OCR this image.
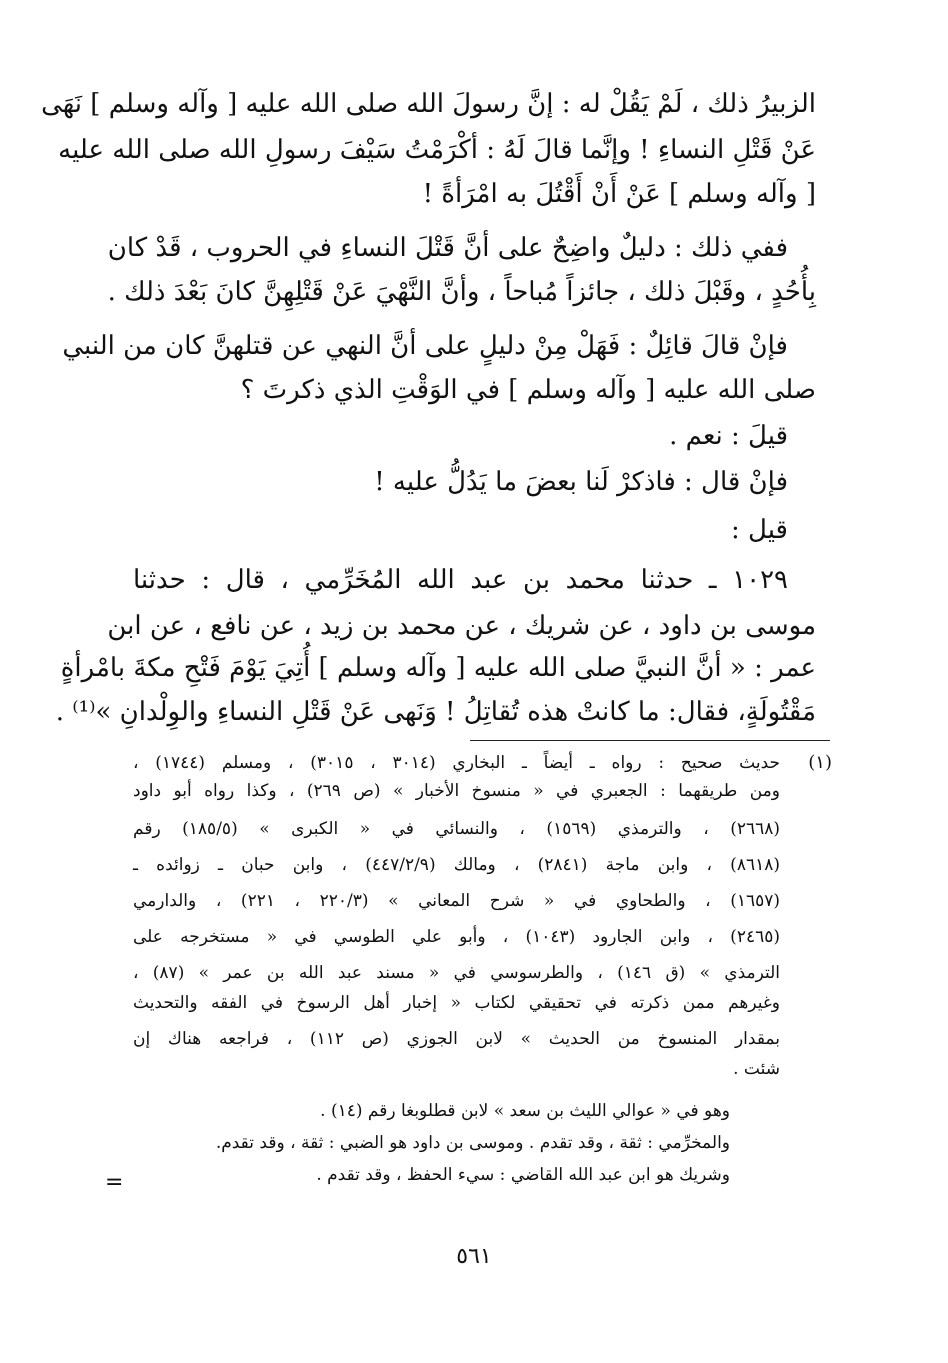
الزبيرُ ذلك ، لَمْ يَقُلْ له : إنَّ رسولَ الله صلى الله عليه [ وآله وسلم ] نَهَى
عَنْ قَتْلِ النساءِ ! وإنَّما قالَ لَهُ : أكْرَمْتُ سَيْفَ رسولِ الله صلى الله عليه
[ وآله وسلم ] عَنْ أَنْ أَقْتُلَ به امْرَأةً !
ففي ذلك : دليلٌ واضِحٌ على أنَّ قَتْلَ النساءِ في الحروب ، قَدْ كان
بِأُحُدٍ ، وقَبْلَ ذلك ، جائزاً مُباحاً ، وأنَّ النَّهْيَ عَنْ قَتْلِهِنَّ كانَ بَعْدَ ذلك .
فإنْ قالَ قائِلٌ : فَهَلْ مِنْ دليلٍ على أنَّ النهي عن قتلهنَّ كان من النبي
صلى الله عليه [ وآله وسلم ] في الوَقْتِ الذي ذكرتَ ؟
قيلَ : نعم .
فإنْ قال : فاذكرْ لَنا بعضَ ما يَدُلُّ عليه !
قيل :
١٠٢٩ ـ حدثنا محمد بن عبد الله المُخَرِّمي ، قال : حدثنا
موسى بن داود ، عن شريك ، عن محمد بن زيد ، عن نافع ، عن ابن
عمر : « أنَّ النبيَّ صلى الله عليه [ وآله وسلم ] أُتِيَ يَوْمَ فَتْحِ مكةَ بامْرأةٍ
مَقْتُولَةٍ، فقال: ما كانتْ هذه تُقاتِلُ ! وَنَهى عَنْ قَتْلِ النساءِ والوِلْدانِ »⁽¹⁾ .
(١)
حديث صحيح : رواه ـ أيضاً ـ البخاري (٣٠١٤ ، ٣٠١٥) ، ومسلم (١٧٤٤) ،
ومن طريقهما : الجعبري في « منسوخ الأخبار » (ص ٢٦٩) ، وكذا رواه أبو داود
(٢٦٦٨) ، والترمذي (١٥٦٩) ، والنسائي في « الكبرى » (١٨٥/٥) رقم
(٨٦١٨) ، وابن ماجة (٢٨٤١) ، ومالك (٤٤٧/٢/٩) ، وابن حبان ـ زوائده ـ
(١٦٥٧) ، والطحاوي في « شرح المعاني » (٢٢٠/٣ ، ٢٢١) ، والدارمي
(٢٤٦٥) ، وابن الجارود (١٠٤٣) ، وأبو علي الطوسي في « مستخرجه على
الترمذي » (ق ١٤٦) ، والطرسوسي في « مسند عبد الله بن عمر » (٨٧) ،
وغيرهم ممن ذكرته في تحقيقي لكتاب « إخبار أهل الرسوخ في الفقه والتحديث
بمقدار المنسوخ من الحديث » لابن الجوزي (ص ١١٢) ، فراجعه هناك إن
شئت .
وهو في « عوالي الليث بن سعد » لابن قطلوبغا رقم (١٤) .
والمخرِّمي : ثقة ، وقد تقدم . وموسى بن داود هو الضبي : ثقة ، وقد تقدم.
وشريك هو ابن عبد الله القاضي : سيء الحفظ ، وقد تقدم .
=
٥٦١
